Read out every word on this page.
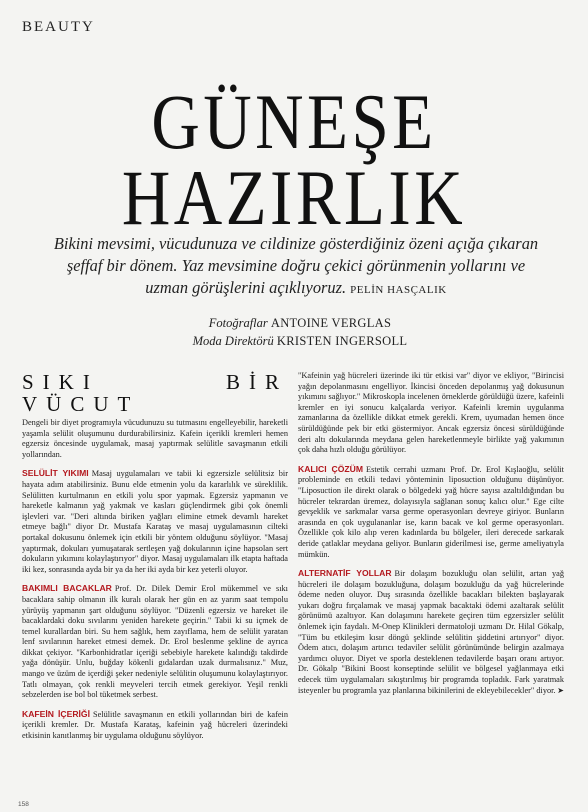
BEAUTY
GÜNEŞE
HAZIRLIK
Bikini mevsimi, vücudunuza ve cildinize gösterdiğiniz özeni açığa çıkaran şeffaf bir dönem. Yaz mevsimine doğru çekici görünmenin yollarını ve uzman görüşlerini açıklıyoruz. PELİN HASÇALIK
Fotoğraflar ANTOINE VERGLAS
Moda Direktörü KRISTEN INGERSOLL
SIKI BİR VÜCUT

Dengeli bir diyet programıyla vücudunuzu su tutmasını engelleyebilir, hareketli yaşamla selülit oluşumunu durdurabilirsiniz. Kafein içerikli kremleri hemen egzersiz öncesinde uygulamak, masaj yaptırmak selülitle savaşmanın etkili yollarından.

SELÜLİT YIKIMI Masaj uygulamaları ve tabii ki egzersizle selülitsiz bir hayata adım atabilirsiniz. Bunu elde etmenin yolu da kararlılık ve süreklilik. Selülitten kurtulmanın en etkili yolu spor yapmak. Egzersiz yapmanın ve hareketle kalmanın yağ yakmak ve kasları güçlendirmek gibi çok önemli işlevleri var. "Deri altında biriken yağları elimine etmek devamlı hareket etmeye bağlı" diyor Dr. Mustafa Karataş ve masaj uygulamasının cilteki portakal dokusunu önlemek için etkili bir yöntem olduğunu söylüyor. "Masaj yaptırmak, dokuları yumuşatarak sertleşen yağ dokularının içine hapsolan sert dokuların yıkımını kolaylaştırıyor" diyor. Masaj uygulamaları ilk etapta haftada iki kez, sonrasında ayda bir ya da her iki ayda bir kez yeterli oluyor.

BAKIMLI BACAKLAR Prof. Dr. Dilek Demir Erol mükemmel ve sıkı bacaklara sahip olmanın ilk kuralı olarak her gün en az yarım saat tempolu yürüyüş yapmanın şart olduğunu söylüyor. "Düzenli egzersiz ve hareket ile bacaklardaki doku sıvılarını yeniden harekete geçirin." Tabii ki su içmek de temel kurallardan biri. Su hem sağlık, hem zayıflama, hem de selülit yaratan lenf sıvılarının hareket etmesi demek. Dr. Erol beslenme şekline de ayrıca dikkat çekiyor. "Karbonhidratlar içeriği sebebiyle harekete kalındığı takdirde yağa dönüşür. Unlu, buğday kökenli gıdalardan uzak durmalısınız." Muz, mango ve üzüm de içerdiği şeker nedeniyle selülitin oluşumunu kolaylaştırıyor. Tatlı olmayan, çok renkli meyveleri tercih etmek gerekiyor. Yeşil renkli sebzelerden ise bol bol tüketmek serbest.

KAFEİN İÇERİĞİ Selülitle savaşmanın en etkili yollarından biri de kafein içerikli kremler. Dr. Mustafa Karataş, kafeinin yağ hücreleri üzerindeki etkisinin kanıtlanmış bir uygulama olduğunu söylüyor.

"Kafeinin yağ hücreleri üzerinde iki tür etkisi var" diyor ve ekliyor, "Birincisi yağın depolanmasını engelliyor. İkincisi önceden depolanmış yağ dokusunun yıkımını sağlıyor." Mikroskopla incelenen örneklerde görüldüğü üzere, kafeinli kremler en iyi sonucu kalçalarda veriyor. Kafeinli kremin uygulanma zamanlarına da özellikle dikkat etmek gerekli. Krem, uyumadan hemen önce sürüldüğünde pek bir etki göstermiyor. Ancak egzersiz öncesi sürüldüğünde deri altı dokularında meydana gelen hareketlenmeyle birlikte yağ yakımının çok daha hızlı olduğu görülüyor.

KALICI ÇÖZÜM Estetik cerrahi uzmanı Prof. Dr. Erol Kışlaoğlu, selülit probleminde en etkili tedavi yönteminin liposuction olduğunu düşünüyor. "Liposuction ile direkt olarak o bölgedeki yağ hücre sayısı azaltıldığından bu hücreler tekrardan üremez, dolayısıyla sağlanan sonuç kalıcı olur." Ege cilte gevşeklik ve sarkmalar varsa germe operasyonları devreye giriyor. Bunların arasında en çok uygulananlar ise, karın bacak ve kol germe operasyonları. Özellikle çok kilo alıp veren kadınlarda bu bölgeler, ileri derecede sarkarak deride çatlaklar meydana geliyor. Bunların giderilmesi ise, germe ameliyatıyla mümkün.

ALTERNATİF YOLLAR Bir dolaşım bozukluğu olan selülit, artan yağ hücreleri ile dolaşım bozukluğuna, dolaşım bozukluğu da yağ hücrelerinde ödeme neden oluyor. Duş sırasında özellikle bacakları bilekten başlayarak yukarı doğru fırçalamak ve masaj yapmak bacaktaki ödemi azaltarak selülit görünümü azaltıyor. Kan dolaşımını harekete geçiren tüm egzersizler selülit önlemek için faydalı. M-Onep Klinikleri dermatoloji uzmanı Dr. Hilal Gökalp, "Tüm bu etkileşim kısır döngü şeklinde selülitin şiddetini artırıyor" diyor. Ödem atıcı, dolaşım artırıcı tedaviler selülit görünümünde belirgin azalmaya yardımcı oluyor. Diyet ve sporla desteklenen tedavilerde başarı oranı artıyor. Dr. Gökalp "Bikini Boost konseptinde selülit ve bölgesel yağlanmaya etki edecek tüm uygulamaları sıkıştırılmış bir programda topladık. Fark yaratmak isteyenler bu programla yaz planlarına bikinilerini de ekleyebilecekler" diyor. ➤

158
